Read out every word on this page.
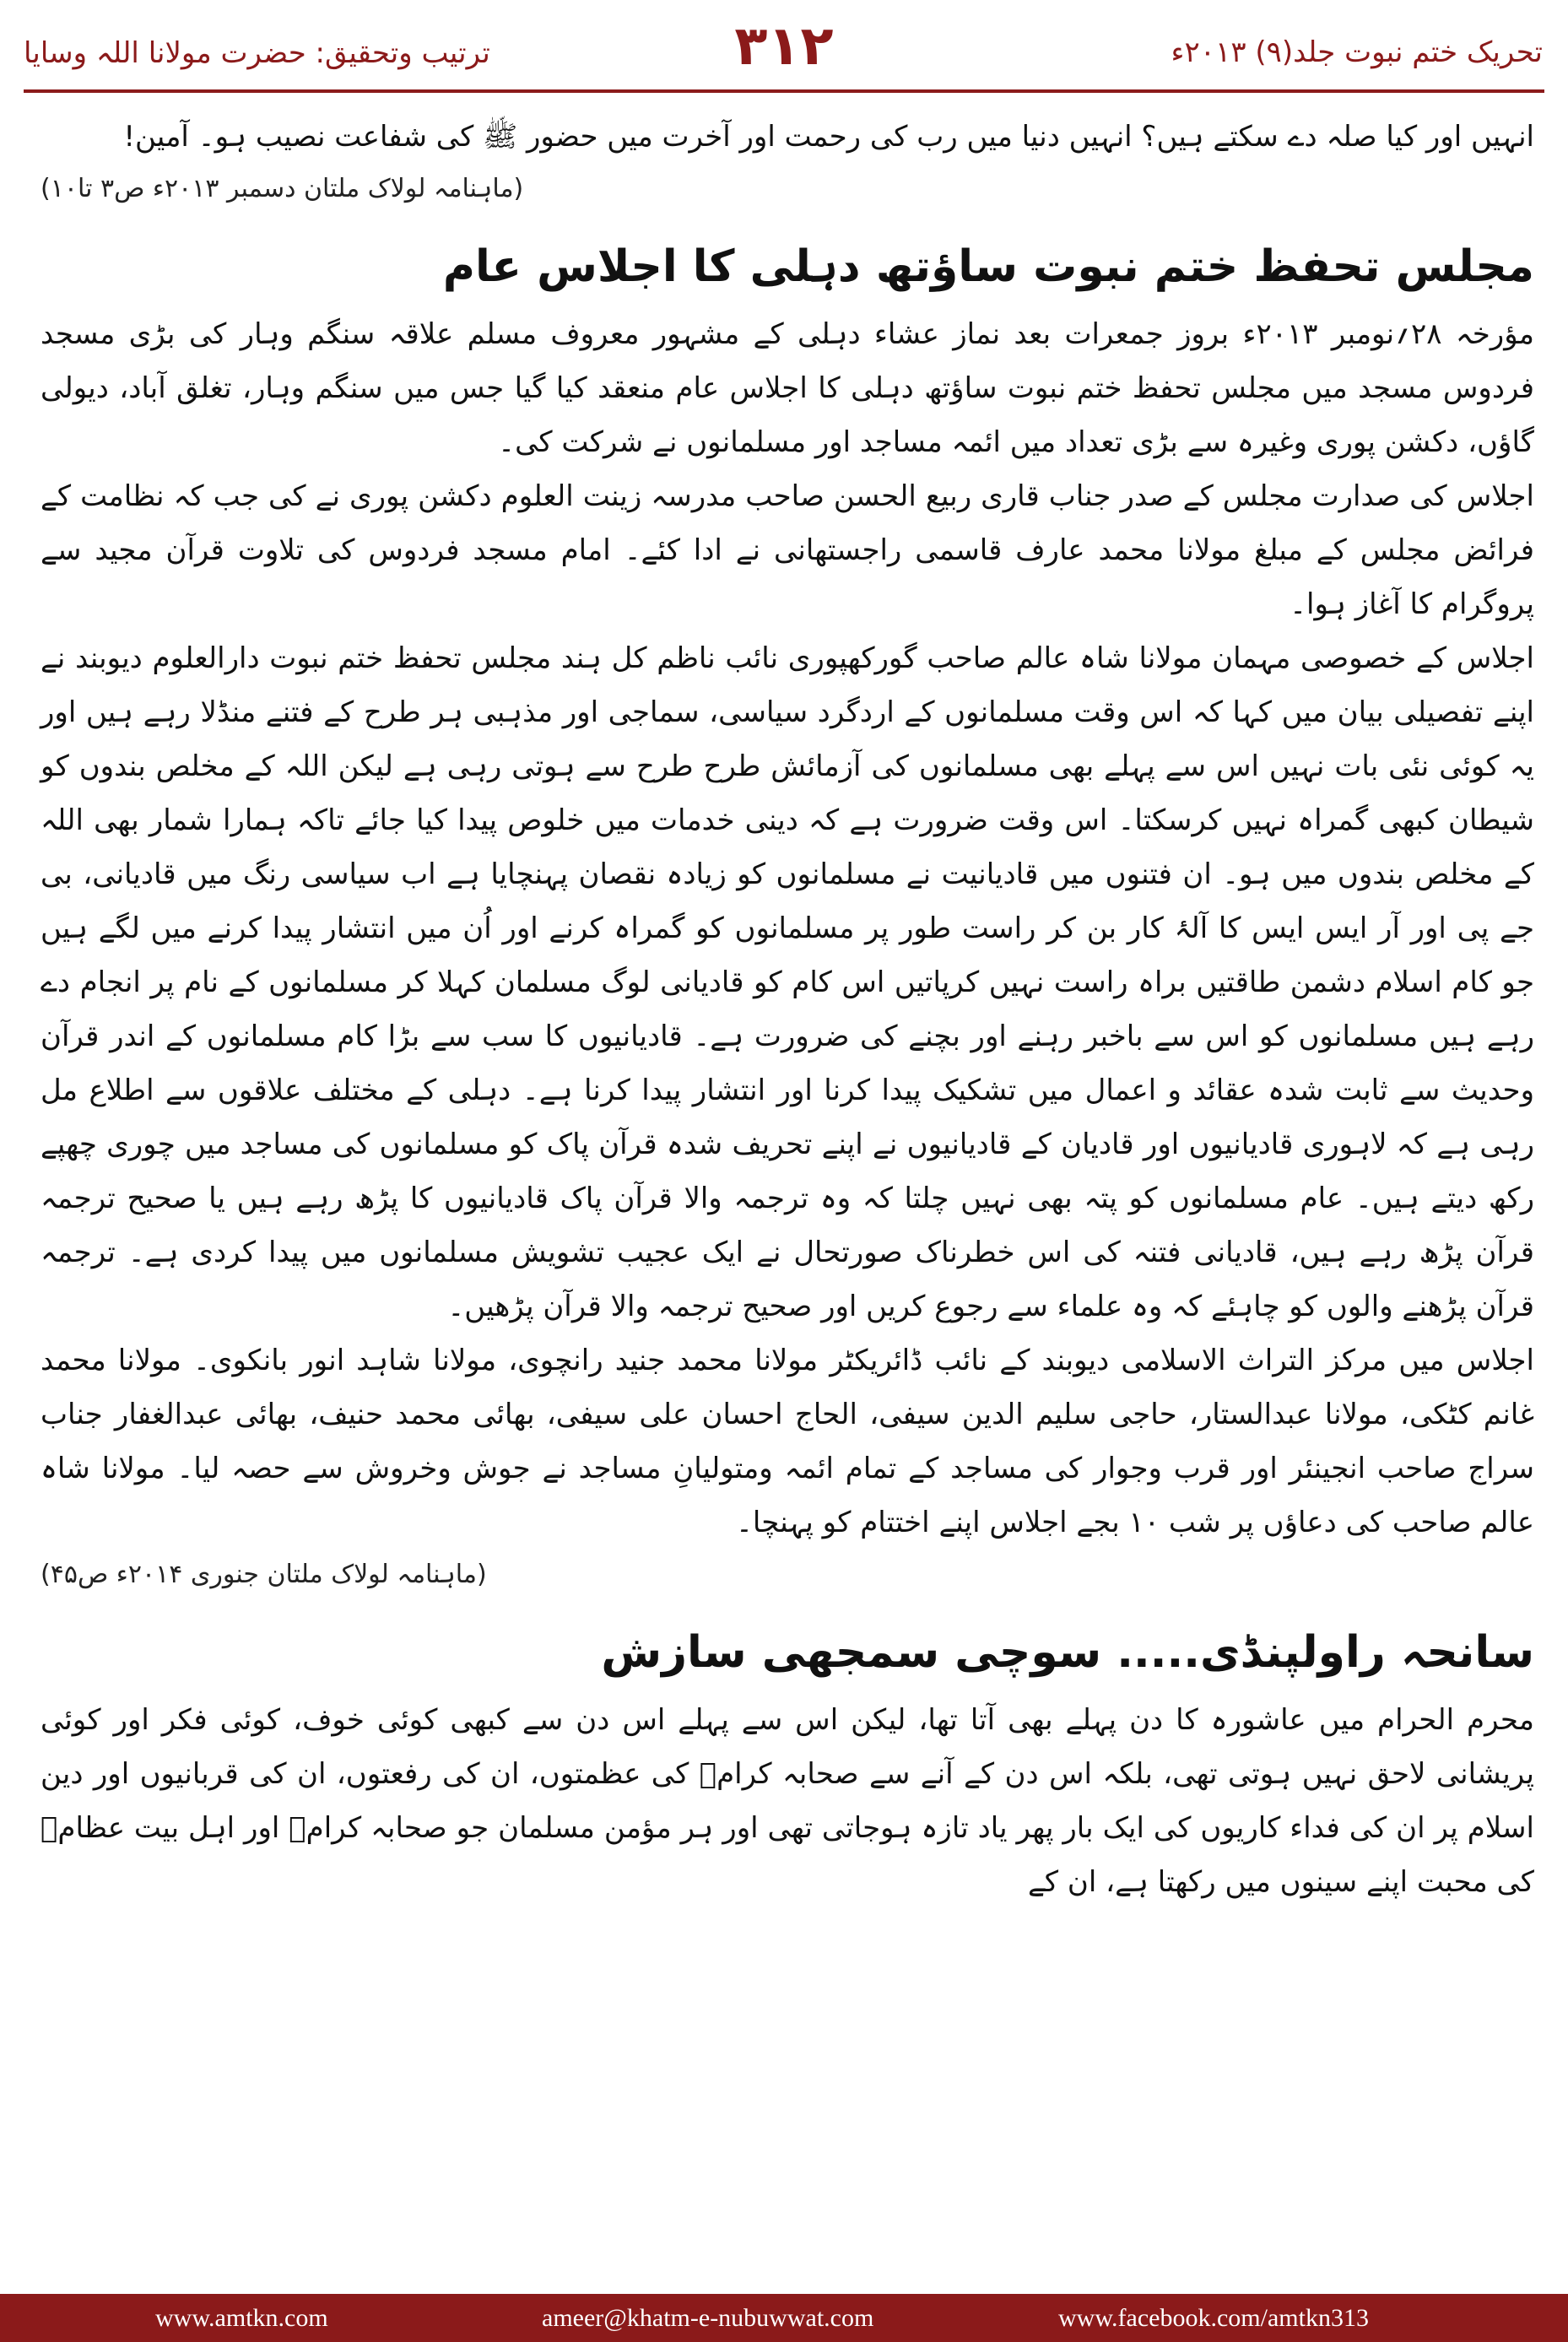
ترتیب وتحقیق: حضرت مولانا اللہ وسایا	۳۱۲	تحریک ختم نبوت جلد(۹) ۲۰۱۳ء

انہیں اور کیا صلہ دے سکتے ہیں؟ انہیں دنیا میں رب کی رحمت اور آخرت میں حضور ﷺ کی شفاعت نصیب ہو۔ آمین!

(ماہنامہ لولاک ملتان دسمبر ۲۰۱۳ء ص۳ تا۱۰)

مجلس تحفظ ختم نبوت ساؤتھ دہلی کا اجلاس عام

مؤرخہ ۲۸؍نومبر ۲۰۱۳ء بروز جمعرات بعد نماز عشاء دہلی کے مشہور معروف مسلم علاقہ سنگم وہار کی بڑی مسجد فردوس مسجد میں مجلس تحفظ ختم نبوت ساؤتھ دہلی کا اجلاس عام منعقد کیا گیا جس میں سنگم وہار، تغلق آباد، دیولی گاؤں، دکشن پوری وغیرہ سے بڑی تعداد میں ائمہ مساجد اور مسلمانوں نے شرکت کی۔

اجلاس کی صدارت مجلس کے صدر جناب قاری ربیع الحسن صاحب مدرسہ زینت العلوم دکشن پوری نے کی جب کہ نظامت کے فرائض مجلس کے مبلغ مولانا محمد عارف قاسمی راجستھانی نے ادا کئے۔ امام مسجد فردوس کی تلاوت قرآن مجید سے پروگرام کا آغاز ہوا۔

اجلاس کے خصوصی مہمان مولانا شاہ عالم صاحب گورکھپوری نائب ناظم کل ہند مجلس تحفظ ختم نبوت دارالعلوم دیوبند نے اپنے تفصیلی بیان میں کہا کہ اس وقت مسلمانوں کے اردگرد سیاسی، سماجی اور مذہبی ہر طرح کے فتنے منڈلا رہے ہیں اور یہ کوئی نئی بات نہیں اس سے پہلے بھی مسلمانوں کی آزمائش طرح طرح سے ہوتی رہی ہے لیکن اللہ کے مخلص بندوں کو شیطان کبھی گمراہ نہیں کرسکتا۔ اس وقت ضرورت ہے کہ دینی خدمات میں خلوص پیدا کیا جائے تاکہ ہمارا شمار بھی اللہ کے مخلص بندوں میں ہو۔ ان فتنوں میں قادیانیت نے مسلمانوں کو زیادہ نقصان پہنچایا ہے اب سیاسی رنگ میں قادیانی، بی جے پی اور آر ایس ایس کا آلۂ کار بن کر راست طور پر مسلمانوں کو گمراہ کرنے اور اُن میں انتشار پیدا کرنے میں لگے ہیں جو کام اسلام دشمن طاقتیں براہ راست نہیں کرپاتیں اس کام کو قادیانی لوگ مسلمان کہلا کر مسلمانوں کے نام پر انجام دے رہے ہیں مسلمانوں کو اس سے باخبر رہنے اور بچنے کی ضرورت ہے۔ قادیانیوں کا سب سے بڑا کام مسلمانوں کے اندر قرآن وحدیث سے ثابت شدہ عقائد و اعمال میں تشکیک پیدا کرنا اور انتشار پیدا کرنا ہے۔ دہلی کے مختلف علاقوں سے اطلاع مل رہی ہے کہ لاہوری قادیانیوں اور قادیان کے قادیانیوں نے اپنے تحریف شدہ قرآن پاک کو مسلمانوں کی مساجد میں چوری چھپے رکھ دیتے ہیں۔ عام مسلمانوں کو پتہ بھی نہیں چلتا کہ وہ ترجمہ والا قرآن پاک قادیانیوں کا پڑھ رہے ہیں یا صحیح ترجمہ قرآن پڑھ رہے ہیں، قادیانی فتنہ کی اس خطرناک صورتحال نے ایک عجیب تشویش مسلمانوں میں پیدا کردی ہے۔ ترجمہ قرآن پڑھنے والوں کو چاہئے کہ وہ علماء سے رجوع کریں اور صحیح ترجمہ والا قرآن پڑھیں۔

اجلاس میں مرکز التراث الاسلامی دیوبند کے نائب ڈائریکٹر مولانا محمد جنید رانچوی، مولانا شاہد انور بانکوی۔ مولانا محمد غانم کٹکی، مولانا عبدالستار، حاجی سلیم الدین سیفی، الحاج احسان علی سیفی، بھائی محمد حنیف، بھائی عبدالغفار جناب سراج صاحب انجینئر اور قرب وجوار کی مساجد کے تمام ائمہ ومتولیانِ مساجد نے جوش وخروش سے حصہ لیا۔ مولانا شاہ عالم صاحب کی دعاؤں پر شب ۱۰ بجے اجلاس اپنے اختتام کو پہنچا۔

(ماہنامہ لولاک ملتان جنوری ۲۰۱۴ء ص۴۵)

سانحہ راولپنڈی..... سوچی سمجھی سازش

محرم الحرام میں عاشورہ کا دن پہلے بھی آتا تھا، لیکن اس سے پہلے اس دن سے کبھی کوئی خوف، کوئی فکر اور کوئی پریشانی لاحق نہیں ہوتی تھی، بلکہ اس دن کے آنے سے صحابہ کرامؓ کی عظمتوں، ان کی رفعتوں، ان کی قربانیوں اور دین اسلام پر ان کی فداء کاریوں کی ایک بار پھر یاد تازہ ہوجاتی تھی اور ہر مؤمن مسلمان جو صحابہ کرامؓ اور اہل بیت عظامؓ کی محبت اپنے سینوں میں رکھتا ہے، ان کے

www.amtkn.com	ameer@khatm-e-nubuwwat.com	www.facebook.com/amtkn313
